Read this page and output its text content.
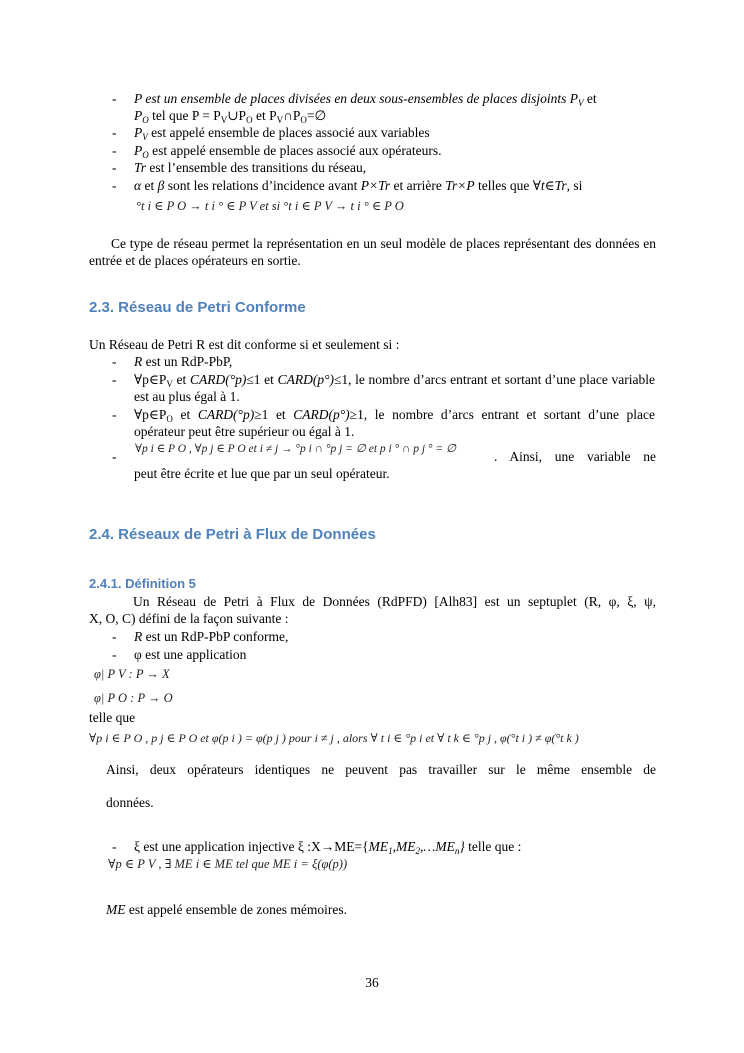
- P est un ensemble de places divisées en deux sous-ensembles de places disjoints $P_V$ et
$P_O$ tel que $P = P_V\cup P_O$ et $P_V\cap P_O=\emptyset$
- $P_V$ est appelé ensemble de places associé aux variables
- $P_O$ est appelé ensemble de places associé aux opérateurs.
- Tr est l’ensemble des transitions du réseau,
- α et β sont les relations d’incidence avant P×Tr et arrière Tr×P telles que ∀t∈Tr, si
°t i ∈ P O → t i ° ∈ P V et si °t i ∈ P V → t i ° ∈ P O
Ce type de réseau permet la représentation en un seul modèle de places représentant des données en entrée et de places opérateurs en sortie.
2.3. Réseau de Petri Conforme
Un Réseau de Petri R est dit conforme si et seulement si :
- R est un RdP-PbP,
- $\forall p\in P_V$ et CARD(°p)≤1 et CARD(p°)≤1, le nombre d’arcs entrant et sortant d’une place variable est au plus égal à 1.
- $\forall p\in P_O$ et CARD(°p)≥1 et CARD(p°)≥1, le nombre d’arcs entrant et sortant d’une place opérateur peut être supérieur ou égal à 1.
- ∀p i ∈ P O , ∀p j ∈ P O et i ≠ j → °p i ∩ °p j = ∅ et p i ° ∩ p j ° = ∅	. Ainsi, une variable ne
peut être écrite et lue que par un seul opérateur.
2.4. Réseaux de Petri à Flux de Données
2.4.1. Définition 5
Un Réseau de Petri à Flux de Données (RdPFD) [Alh83] est un septuplet (R, φ, ξ, ψ,
X, O, C) défini de la façon suivante :
- R est un RdP-PbP conforme,
- φ est une application
φ| P V : P → X
φ| P O : P → O
telle que
∀p i ∈ P O , p j ∈ P O et φ(p i ) = φ(p j ) pour i ≠ j , alors ∀ t i ∈ °p i et ∀ t k ∈ °p j , φ(°t i ) ≠ φ(°t k )
Ainsi, deux opérateurs identiques ne peuvent pas travailler sur le même ensemble de
données.
- ξ est une application injective ξ $:X\to ME=\{ME_1,ME_2,\dots ME_n\}$ telle que :
∀p ∈ P V , ∃ ME i ∈ ME tel que ME i = ξ(φ(p))
ME est appelé ensemble de zones mémoires.
36
